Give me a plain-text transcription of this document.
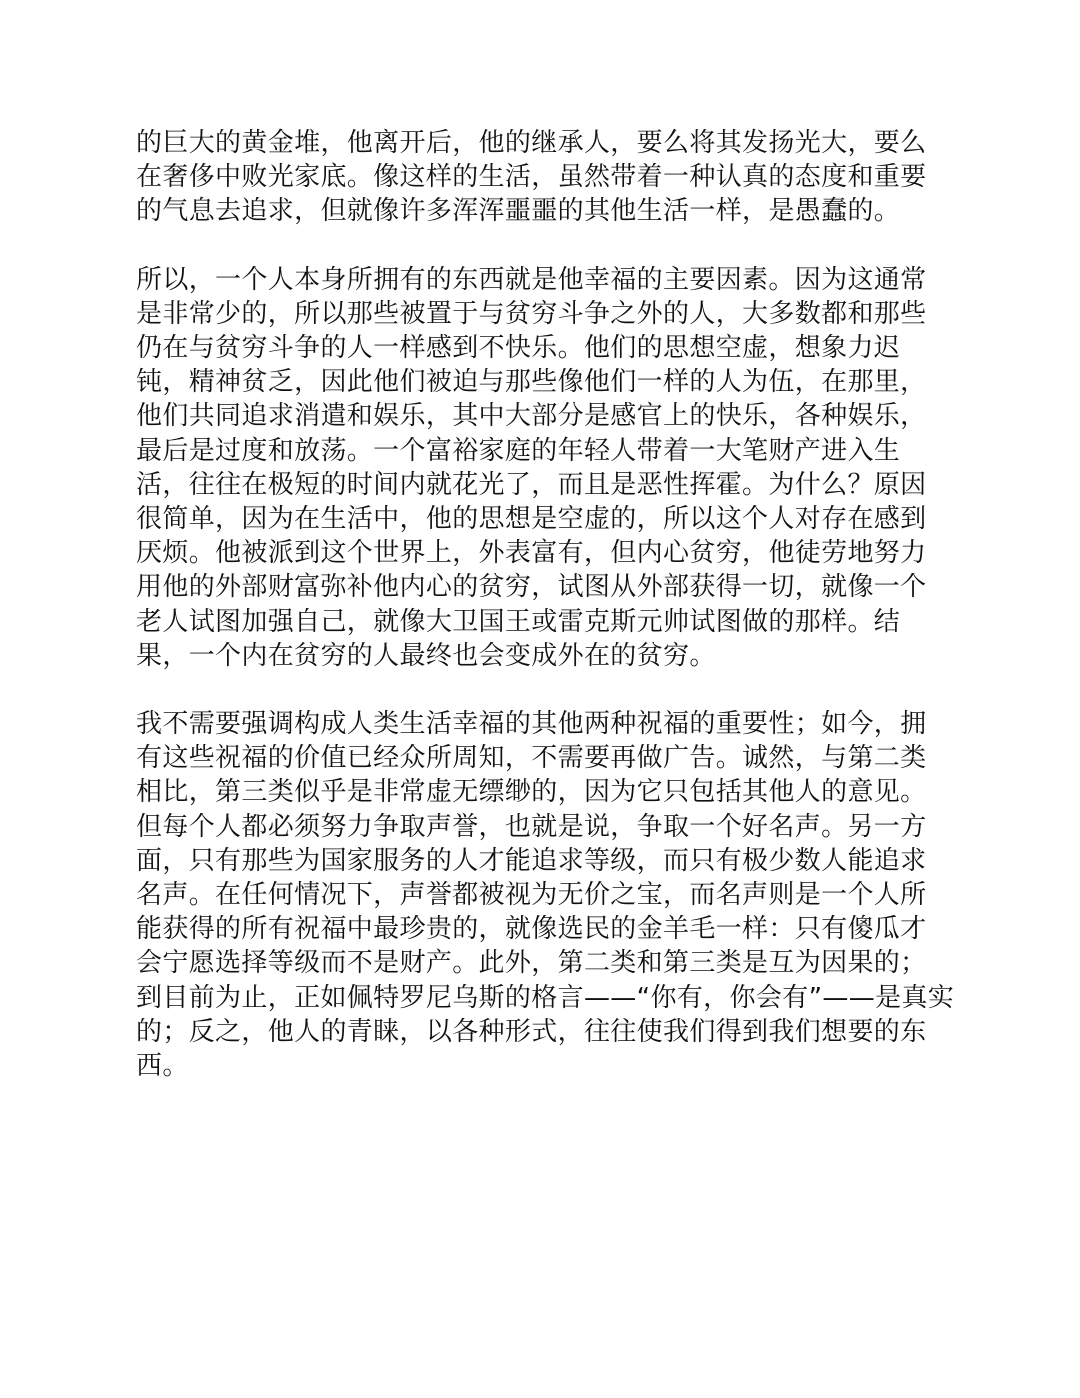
的巨大的黄金堆，他离开后，他的继承人，要么将其发扬光大，要么
在奢侈中败光家底。像这样的生活，虽然带着一种认真的态度和重要
的气息去追求，但就像许多浑浑噩噩的其他生活一样，是愚蠢的。

所以，一个人本身所拥有的东西就是他幸福的主要因素。因为这通常
是非常少的，所以那些被置于与贫穷斗争之外的人，大多数都和那些
仍在与贫穷斗争的人一样感到不快乐。他们的思想空虚，想象力迟
钝，精神贫乏，因此他们被迫与那些像他们一样的人为伍，在那里，
他们共同追求消遣和娱乐，其中大部分是感官上的快乐，各种娱乐，
最后是过度和放荡。一个富裕家庭的年轻人带着一大笔财产进入生
活，往往在极短的时间内就花光了，而且是恶性挥霍。为什么？原因
很简单，因为在生活中，他的思想是空虚的，所以这个人对存在感到
厌烦。他被派到这个世界上，外表富有，但内心贫穷，他徒劳地努力
用他的外部财富弥补他内心的贫穷，试图从外部获得一切，就像一个
老人试图加强自己，就像大卫国王或雷克斯元帅试图做的那样。结
果，一个内在贫穷的人最终也会变成外在的贫穷。

我不需要强调构成人类生活幸福的其他两种祝福的重要性；如今，拥
有这些祝福的价值已经众所周知，不需要再做广告。诚然，与第二类
相比，第三类似乎是非常虚无缥缈的，因为它只包括其他人的意见。
但每个人都必须努力争取声誉，也就是说，争取一个好名声。另一方
面，只有那些为国家服务的人才能追求等级，而只有极少数人能追求
名声。在任何情况下，声誉都被视为无价之宝，而名声则是一个人所
能获得的所有祝福中最珍贵的，就像选民的金羊毛一样：只有傻瓜才
会宁愿选择等级而不是财产。此外，第二类和第三类是互为因果的；
到目前为止，正如佩特罗尼乌斯的格言——“你有，你会有”——是真实
的；反之，他人的青睐，以各种形式，往往使我们得到我们想要的东
西。
